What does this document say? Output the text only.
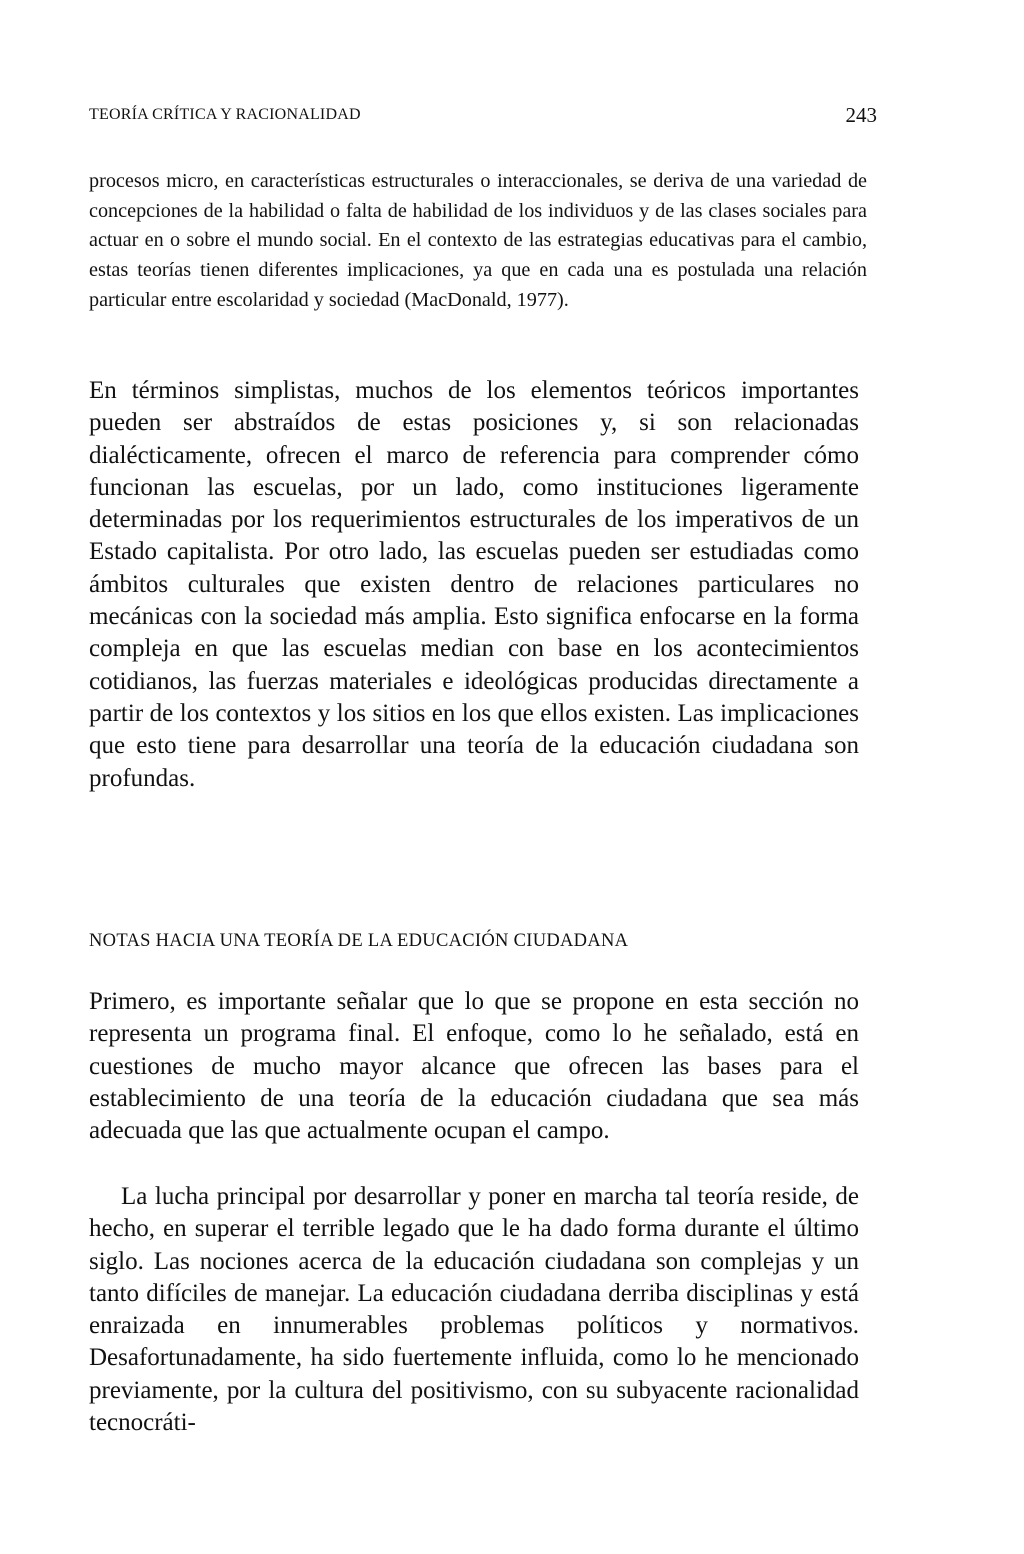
TEORÍA CRÍTICA Y RACIONALIDAD	243

procesos micro, en características estructurales o interaccionales, se deriva de una variedad de concepciones de la habilidad o falta de habilidad de los individuos y de las clases sociales para actuar en o sobre el mundo social. En el contexto de las estrategias educativas para el cambio, estas teorías tienen diferentes implicaciones, ya que en cada una es postulada una relación particular entre escolaridad y sociedad (MacDonald, 1977).

En términos simplistas, muchos de los elementos teóricos importantes pueden ser abstraídos de estas posiciones y, si son relacionadas dialécticamente, ofrecen el marco de referencia para comprender cómo funcionan las escuelas, por un lado, como instituciones ligeramente determinadas por los requerimientos estructurales de los imperativos de un Estado capitalista. Por otro lado, las escuelas pueden ser estudiadas como ámbitos culturales que existen dentro de relaciones particulares no mecánicas con la sociedad más amplia. Esto significa enfocarse en la forma compleja en que las escuelas median con base en los acontecimientos cotidianos, las fuerzas materiales e ideológicas producidas directamente a partir de los contextos y los sitios en los que ellos existen. Las implicaciones que esto tiene para desarrollar una teoría de la educación ciudadana son profundas.

NOTAS HACIA UNA TEORÍA DE LA EDUCACIÓN CIUDADANA

Primero, es importante señalar que lo que se propone en esta sección no representa un programa final. El enfoque, como lo he señalado, está en cuestiones de mucho mayor alcance que ofrecen las bases para el establecimiento de una teoría de la educación ciudadana que sea más adecuada que las que actualmente ocupan el campo.

La lucha principal por desarrollar y poner en marcha tal teoría reside, de hecho, en superar el terrible legado que le ha dado forma durante el último siglo. Las nociones acerca de la educación ciudadana son complejas y un tanto difíciles de manejar. La educación ciudadana derriba disciplinas y está enraizada en innumerables problemas políticos y normativos. Desafortunadamente, ha sido fuertemente influida, como lo he mencionado previamente, por la cultura del positivismo, con su subyacente racionalidad tecnocráti-
